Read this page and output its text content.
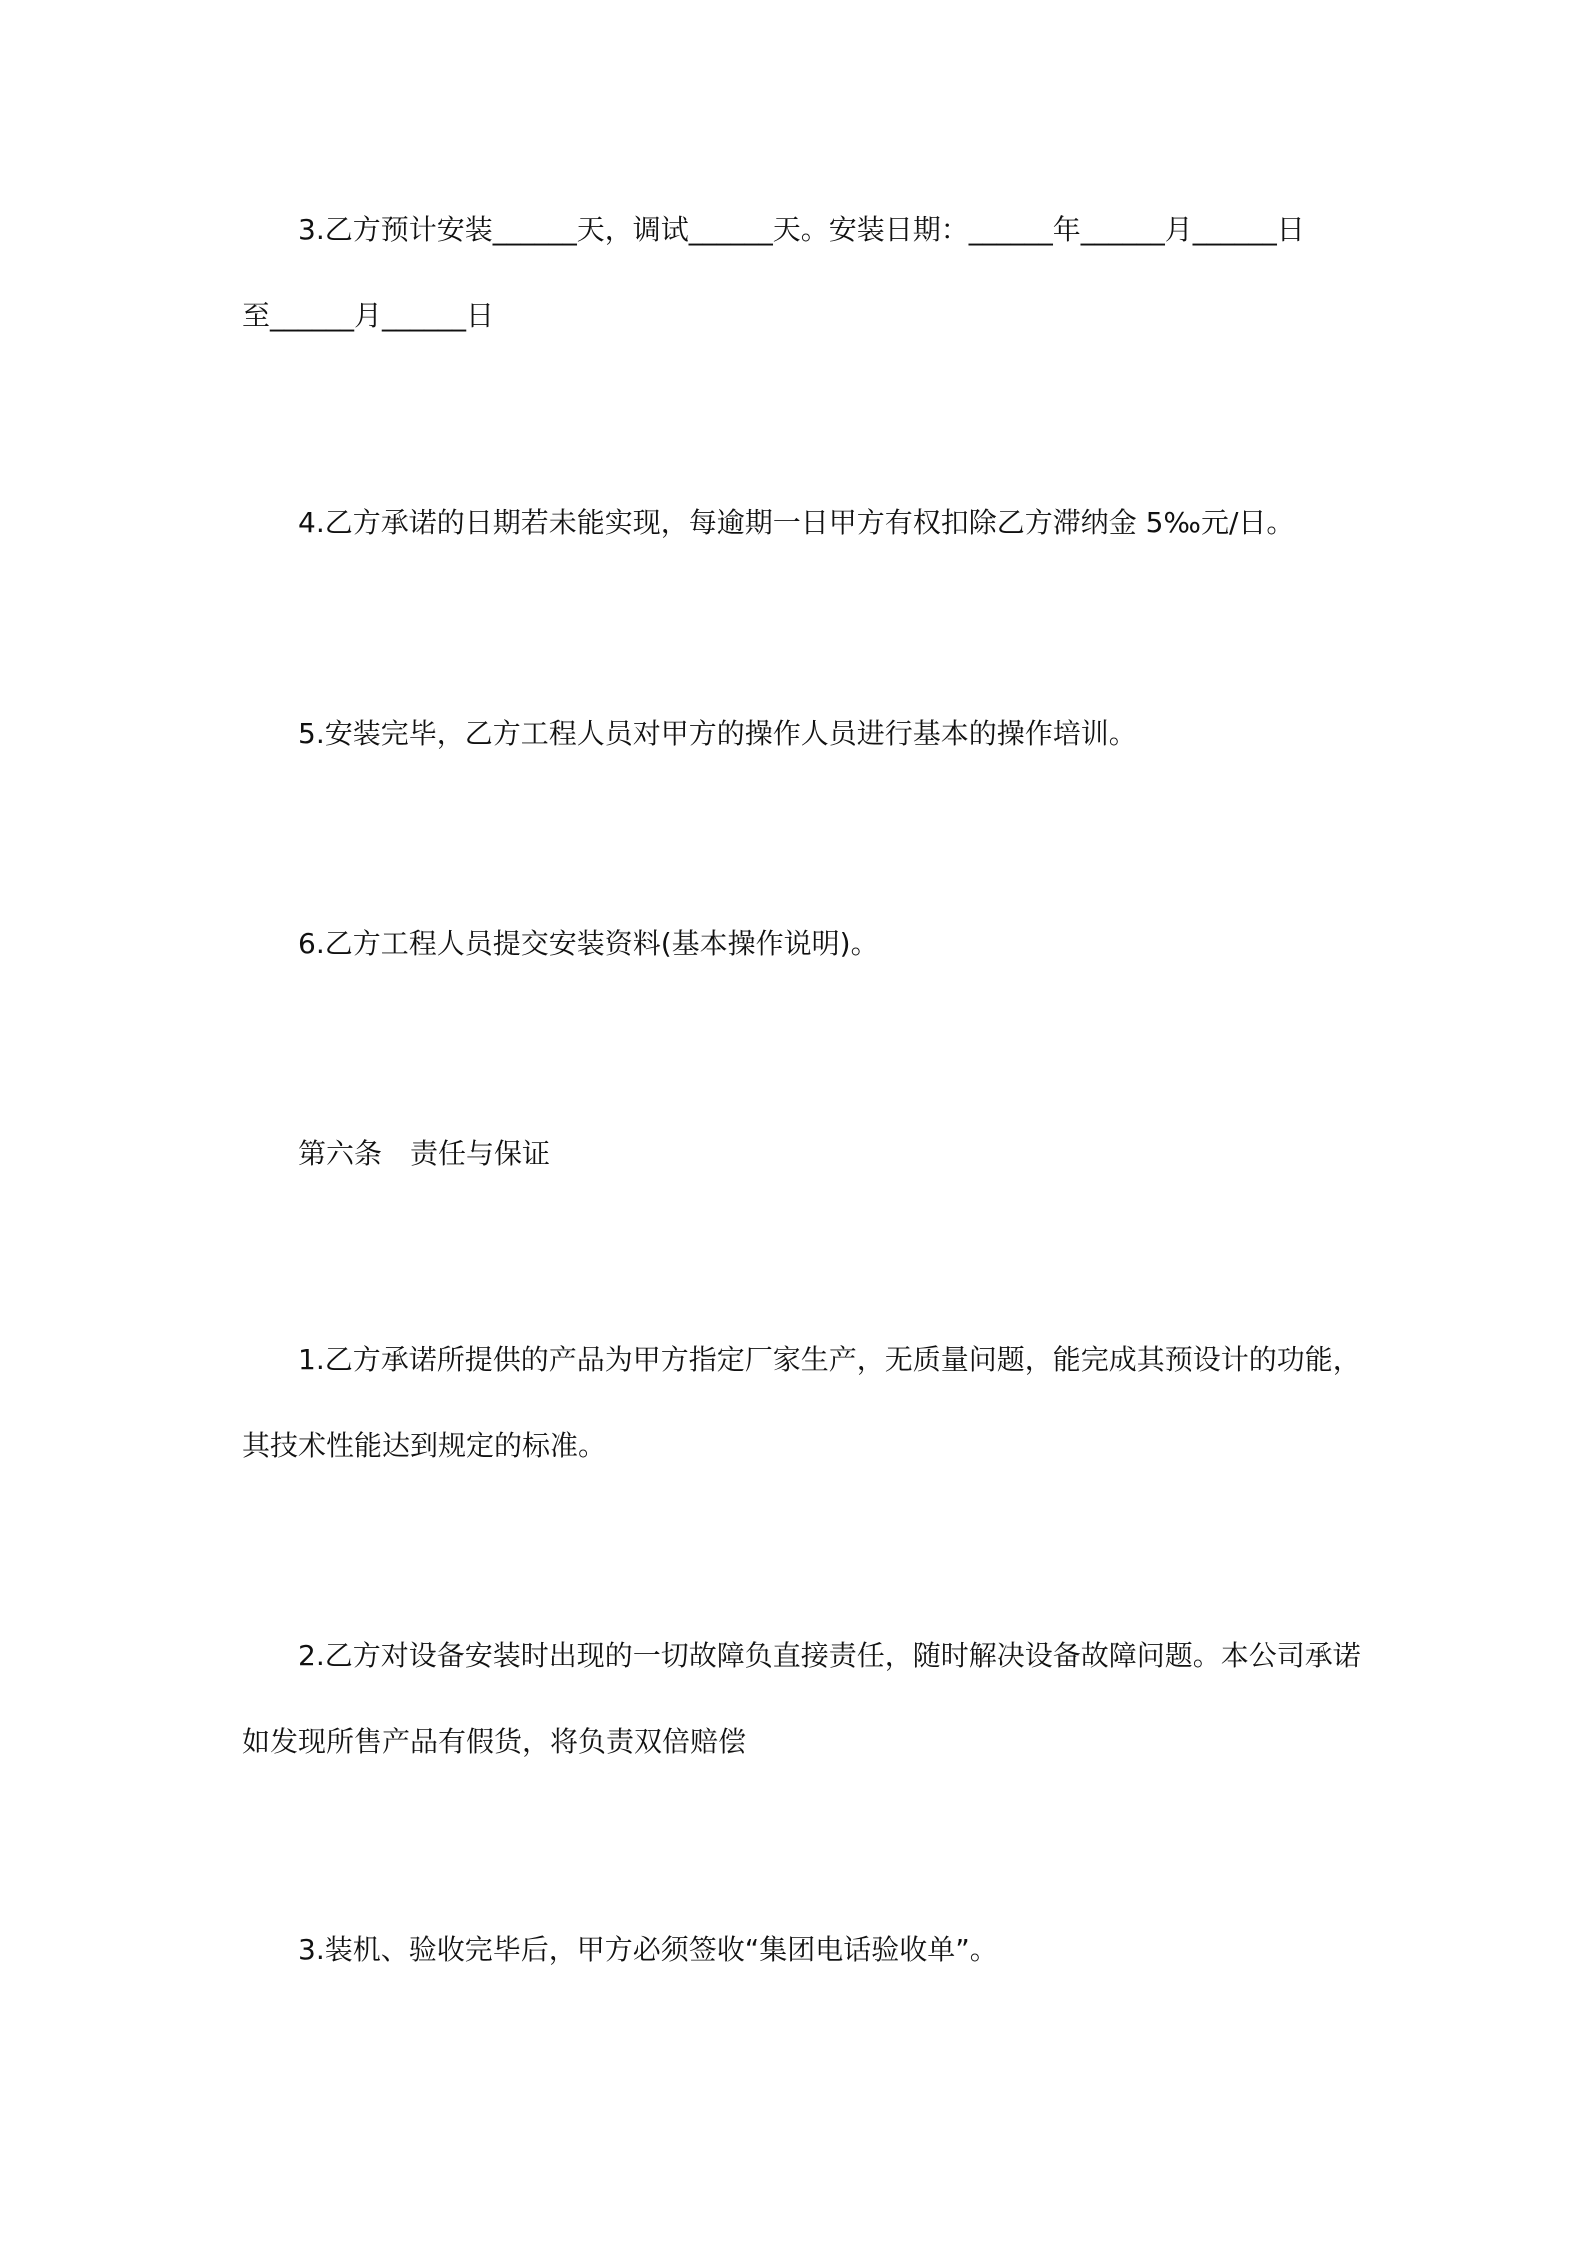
3.乙方预计安装______天，调试______天。安装日期：______年______月______日
至______月______日
4.乙方承诺的日期若未能实现，每逾期一日甲方有权扣除乙方滞纳金 5‰元/日。
5.安装完毕，乙方工程人员对甲方的操作人员进行基本的操作培训。
6.乙方工程人员提交安装资料(基本操作说明)。
第六条　责任与保证
1.乙方承诺所提供的产品为甲方指定厂家生产，无质量问题，能完成其预设计的功能，
其技术性能达到规定的标准。
2.乙方对设备安装时出现的一切故障负直接责任，随时解决设备故障问题。本公司承诺
如发现所售产品有假货，将负责双倍赔偿
3.装机、验收完毕后，甲方必须签收“集团电话验收单”。
